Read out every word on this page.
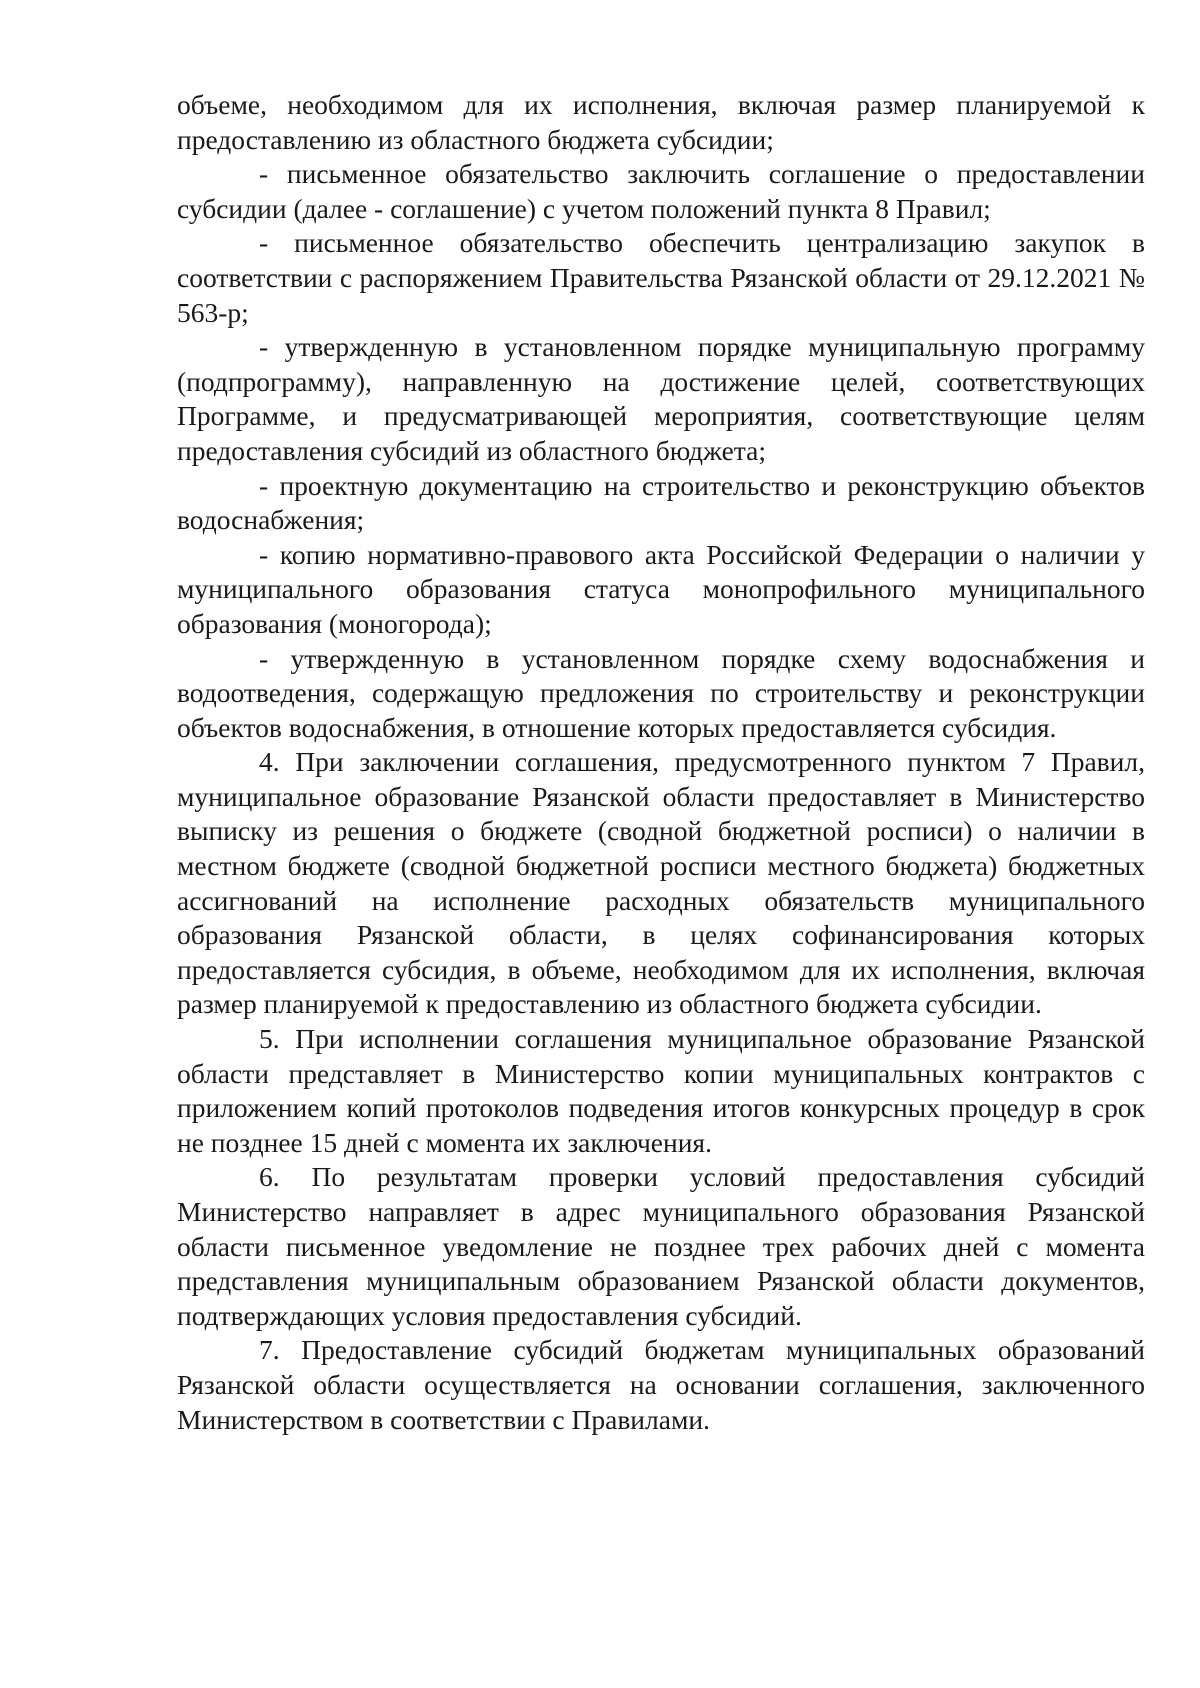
объеме, необходимом для их исполнения, включая размер планируемой к предоставлению из областного бюджета субсидии;

- письменное обязательство заключить соглашение о предоставлении субсидии (далее - соглашение) с учетом положений пункта 8 Правил;

- письменное обязательство обеспечить централизацию закупок в соответствии с распоряжением Правительства Рязанской области от 29.12.2021 № 563-р;

- утвержденную в установленном порядке муниципальную программу (подпрограмму), направленную на достижение целей, соответствующих Программе, и предусматривающей мероприятия, соответствующие целям предоставления субсидий из областного бюджета;

- проектную документацию на строительство и реконструкцию объектов водоснабжения;

- копию нормативно-правового акта Российской Федерации о наличии у муниципального образования статуса монопрофильного муниципального образования (моногорода);

- утвержденную в установленном порядке схему водоснабжения и водоотведения, содержащую предложения по строительству и реконструкции объектов водоснабжения, в отношение которых предоставляется субсидия.

4. При заключении соглашения, предусмотренного пунктом 7 Правил, муниципальное образование Рязанской области предоставляет в Министерство выписку из решения о бюджете (сводной бюджетной росписи) о наличии в местном бюджете (сводной бюджетной росписи местного бюджета) бюджетных ассигнований на исполнение расходных обязательств муниципального образования Рязанской области, в целях софинансирования которых предоставляется субсидия, в объеме, необходимом для их исполнения, включая размер планируемой к предоставлению из областного бюджета субсидии.

5. При исполнении соглашения муниципальное образование Рязанской области представляет в Министерство копии муниципальных контрактов с приложением копий протоколов подведения итогов конкурсных процедур в срок не позднее 15 дней с момента их заключения.

6. По результатам проверки условий предоставления субсидий Министерство направляет в адрес муниципального образования Рязанской области письменное уведомление не позднее трех рабочих дней с момента представления муниципальным образованием Рязанской области документов, подтверждающих условия предоставления субсидий.

7. Предоставление субсидий бюджетам муниципальных образований Рязанской области осуществляется на основании соглашения, заключенного Министерством в соответствии с Правилами.
